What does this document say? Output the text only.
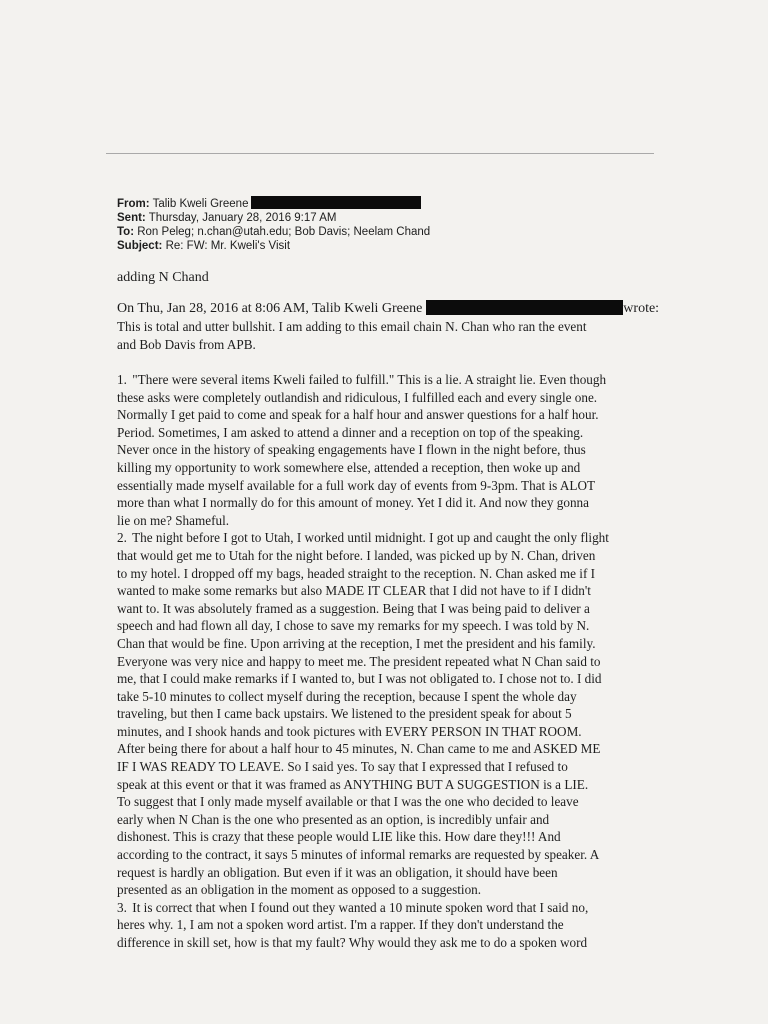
From: Talib Kweli Greene
Sent: Thursday, January 28, 2016 9:17 AM
To: Ron Peleg; n.chan@utah.edu; Bob Davis; Neelam Chand
Subject: Re: FW: Mr. Kweli's Visit
adding N Chand
On Thu, Jan 28, 2016 at 8:06 AM, Talib Kweli Greene	wrote:
This is total and utter bullshit. I am adding to this email chain N. Chan who ran the event
and Bob Davis from APB.
1. "There were several items Kweli failed to fulfill." This is a lie. A straight lie. Even though
these asks were completely outlandish and ridiculous, I fulfilled each and every single one.
Normally I get paid to come and speak for a half hour and answer questions for a half hour.
Period. Sometimes, I am asked to attend a dinner and a reception on top of the speaking.
Never once in the history of speaking engagements have I flown in the night before, thus
killing my opportunity to work somewhere else, attended a reception, then woke up and
essentially made myself available for a full work day of events from 9-3pm. That is ALOT
more than what I normally do for this amount of money. Yet I did it. And now they gonna
lie on me? Shameful.
2. The night before I got to Utah, I worked until midnight. I got up and caught the only flight
that would get me to Utah for the night before. I landed, was picked up by N. Chan, driven
to my hotel. I dropped off my bags, headed straight to the reception. N. Chan asked me if I
wanted to make some remarks but also MADE IT CLEAR that I did not have to if I didn't
want to. It was absolutely framed as a suggestion. Being that I was being paid to deliver a
speech and had flown all day, I chose to save my remarks for my speech. I was told by N.
Chan that would be fine. Upon arriving at the reception, I met the president and his family.
Everyone was very nice and happy to meet me. The president repeated what N Chan said to
me, that I could make remarks if I wanted to, but I was not obligated to. I chose not to. I did
take 5-10 minutes to collect myself during the reception, because I spent the whole day
traveling, but then I came back upstairs. We listened to the president speak for about 5
minutes, and I shook hands and took pictures with EVERY PERSON IN THAT ROOM.
After being there for about a half hour to 45 minutes, N. Chan came to me and ASKED ME
IF I WAS READY TO LEAVE. So I said yes. To say that I expressed that I refused to
speak at this event or that it was framed as ANYTHING BUT A SUGGESTION is a LIE.
To suggest that I only made myself available or that I was the one who decided to leave
early when N Chan is the one who presented as an option, is incredibly unfair and
dishonest. This is crazy that these people would LIE like this. How dare they!!! And
according to the contract, it says 5 minutes of informal remarks are requested by speaker. A
request is hardly an obligation. But even if it was an obligation, it should have been
presented as an obligation in the moment as opposed to a suggestion.
3. It is correct that when I found out they wanted a 10 minute spoken word that I said no,
heres why. 1, I am not a spoken word artist. I'm a rapper. If they don't understand the
difference in skill set, how is that my fault? Why would they ask me to do a spoken word
